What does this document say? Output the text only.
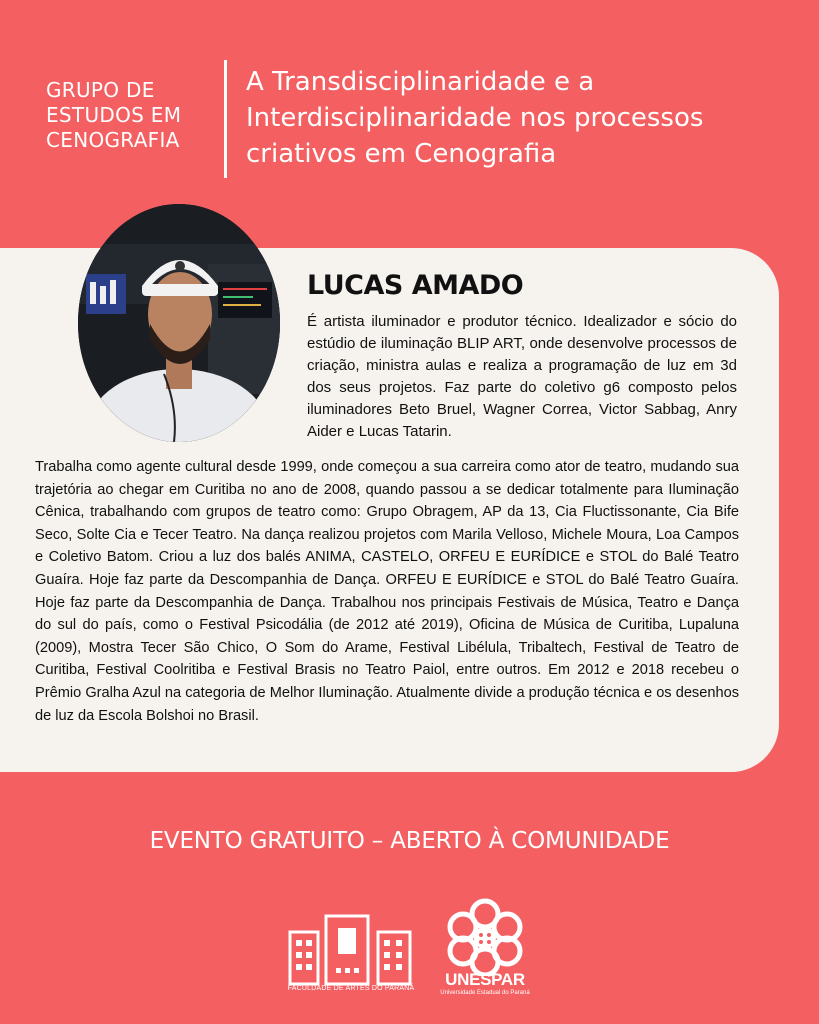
GRUPO DE
ESTUDOS EM
CENOGRAFIA
A Transdisciplinaridade e a Interdisciplinaridade nos processos criativos em Cenografia
LUCAS AMADO
É artista iluminador e produtor técnico. Idealizador e sócio do estúdio de iluminação BLIP ART, onde desenvolve processos de criação, ministra aulas e realiza a programação de luz em 3d dos seus projetos. Faz parte do coletivo g6 composto pelos iluminadores Beto Bruel, Wagner Correa, Victor Sabbag, Anry Aider e Lucas Tatarin.
Trabalha como agente cultural desde 1999, onde começou a sua carreira como ator de teatro, mudando sua trajetória ao chegar em Curitiba no ano de 2008, quando passou a se dedicar totalmente para Iluminação Cênica, trabalhando com grupos de teatro como: Grupo Obragem, AP da 13, Cia Fluctissonante, Cia Bife Seco, Solte Cia e Tecer Teatro. Na dança realizou projetos com Marila Velloso, Michele Moura, Loa Campos e Coletivo Batom. Criou a luz dos balés ANIMA, CASTELO, ORFEU E EURÍDICE e STOL do Balé Teatro Guaíra. Hoje faz parte da Descompanhia de Dança. ORFEU E EURÍDICE e STOL do Balé Teatro Guaíra. Hoje faz parte da Descompanhia de Dança. Trabalhou nos principais Festivais de Música, Teatro e Dança do sul do país, como o Festival Psicodália (de 2012 até 2019), Oficina de Música de Curitiba, Lupaluna (2009), Mostra Tecer São Chico, O Som do Arame, Festival Libélula, Tribaltech, Festival de Teatro de Curitiba, Festival Coolritiba e Festival Brasis no Teatro Paiol, entre outros. Em 2012 e 2018 recebeu o Prêmio Gralha Azul na categoria de Melhor Iluminação. Atualmente divide a produção técnica e os desenhos de luz da Escola Bolshoi no Brasil.
EVENTO GRATUITO – ABERTO À COMUNIDADE
FACULDADE DE ARTES DO PARANÁ	UNESPAR
Universidade Estadual do Paraná
